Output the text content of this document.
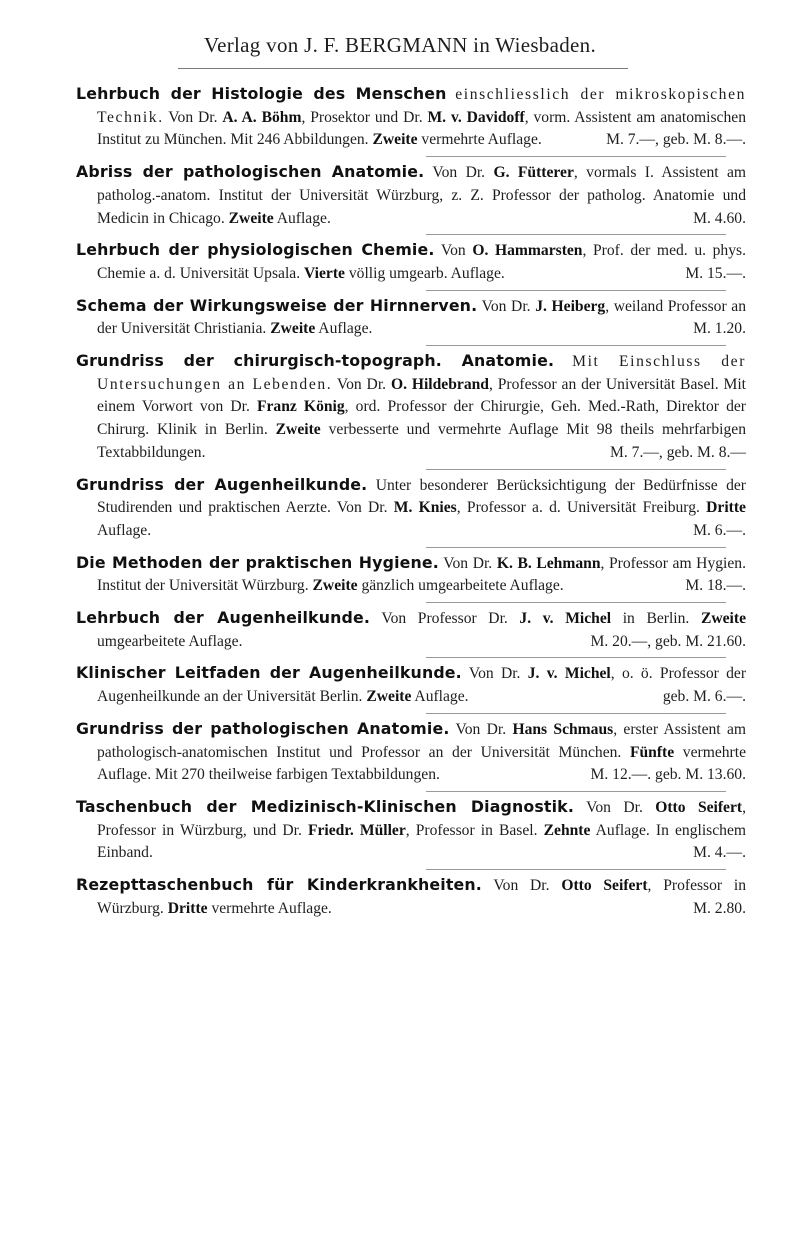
Verlag von J. F. BERGMANN in Wiesbaden.

Lehrbuch der Histologie des Menschen einschliesslich der mikroskopischen Technik. Von Dr. A. A. Böhm, Prosektor und Dr. M. v. Davidoff, vorm. Assistent am anatomischen Institut zu München. Mit 246 Abbildungen. Zweite vermehrte Auflage.	M. 7.—, geb. M. 8.—.

Abriss der pathologischen Anatomie. Von Dr. G. Fütterer, vormals I. Assistent am patholog.-anatom. Institut der Universität Würzburg, z. Z. Professor der patholog. Anatomie und Medicin in Chicago. Zweite Auflage.	M. 4.60.

Lehrbuch der physiologischen Chemie. Von O. Hammarsten, Prof. der med. u. phys. Chemie a. d. Universität Upsala. Vierte völlig umgearb. Auflage.	M. 15.—.

Schema der Wirkungsweise der Hirnnerven. Von Dr. J. Heiberg, weiland Professor an der Universität Christiania. Zweite Auflage.	M. 1.20.

Grundriss der chirurgisch-topograph. Anatomie. Mit Einschluss der Untersuchungen an Lebenden. Von Dr. O. Hildebrand, Professor an der Universität Basel. Mit einem Vorwort von Dr. Franz König, ord. Professor der Chirurgie, Geh. Med.-Rath, Direktor der Chirurg. Klinik in Berlin. Zweite verbesserte und vermehrte Auflage Mit 98 theils mehrfarbigen Textabbildungen.	M. 7.—, geb. M. 8.—

Grundriss der Augenheilkunde. Unter besonderer Berücksichtigung der Bedürfnisse der Studirenden und praktischen Aerzte. Von Dr. M. Knies, Professor a. d. Universität Freiburg. Dritte Auflage.	M. 6.—.

Die Methoden der praktischen Hygiene. Von Dr. K. B. Lehmann, Professor am Hygien. Institut der Universität Würzburg. Zweite gänzlich umgearbeitete Auflage.	M. 18.—.

Lehrbuch der Augenheilkunde. Von Professor Dr. J. v. Michel in Berlin. Zweite umgearbeitete Auflage.	M. 20.—, geb. M. 21.60.

Klinischer Leitfaden der Augenheilkunde. Von Dr. J. v. Michel, o. ö. Professor der Augenheilkunde an der Universität Berlin. Zweite Auflage.	geb. M. 6.—.

Grundriss der pathologischen Anatomie. Von Dr. Hans Schmaus, erster Assistent am pathologisch-anatomischen Institut und Professor an der Universität München. Fünfte vermehrte Auflage. Mit 270 theilweise farbigen Textabbildungen.	M. 12.—. geb. M. 13.60.

Taschenbuch der Medizinisch-Klinischen Diagnostik. Von Dr. Otto Seifert, Professor in Würzburg, und Dr. Friedr. Müller, Professor in Basel. Zehnte Auflage. In englischem Einband.	M. 4.—.

Rezepttaschenbuch für Kinderkrankheiten. Von Dr. Otto Seifert, Professor in Würzburg. Dritte vermehrte Auflage.	M. 2.80.
